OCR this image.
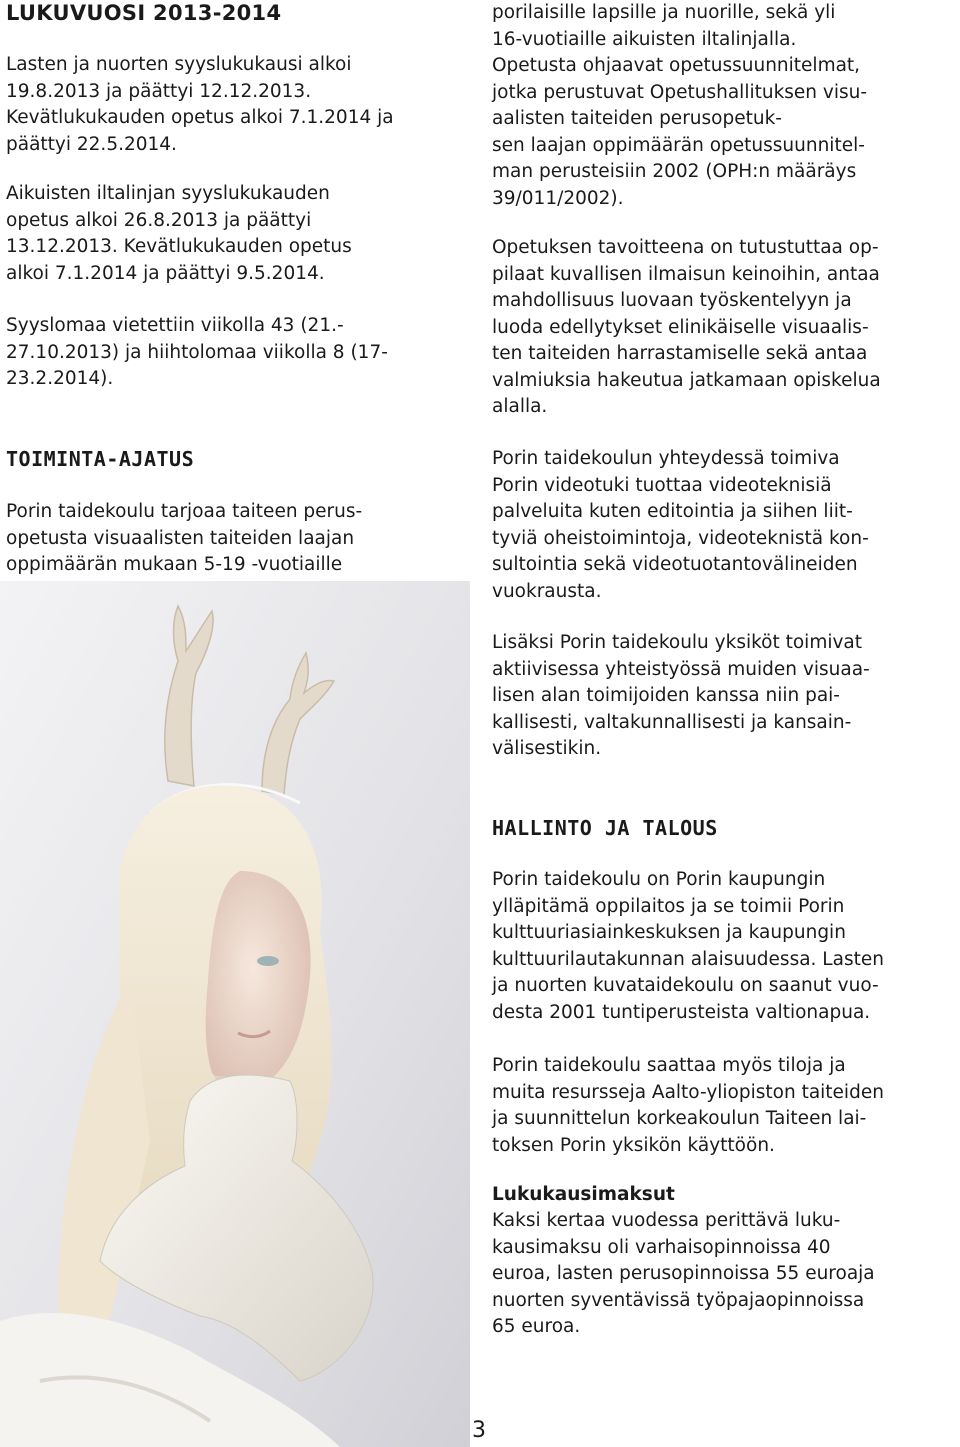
LUKUVUOSI 2013-2014

Lasten ja nuorten syyslukukausi alkoi
19.8.2013 ja päättyi 12.12.2013.
Kevätlukukauden opetus alkoi 7.1.2014 ja
päättyi 22.5.2014.

Aikuisten iltalinjan syyslukukauden
opetus alkoi 26.8.2013 ja päättyi
13.12.2013. Kevätlukukauden opetus
alkoi 7.1.2014 ja päättyi 9.5.2014.

Syyslomaa vietettiin viikolla 43 (21.-
27.10.2013) ja hiihtolomaa viikolla 8 (17-
23.2.2014).

TOIMINTA-AJATUS

Porin taidekoulu tarjoaa taiteen perus-
opetusta visuaalisten taiteiden laajan
oppimäärän mukaan 5-19 -vuotiaille

porilaisille lapsille ja nuorille, sekä yli
16-vuotiaille aikuisten iltalinjalla.
Opetusta ohjaavat opetussuunnitelmat,
jotka perustuvat Opetushallituksen visu-
aalisten taiteiden perusopetuk-
sen laajan oppimäärän opetussuunnitel-
man perusteisiin 2002 (OPH:n määräys
39/011/2002).

Opetuksen tavoitteena on tutustuttaa op-
pilaat kuvallisen ilmaisun keinoihin, antaa
mahdollisuus luovaan työskentelyyn ja
luoda edellytykset elinikäiselle visuaalis-
ten taiteiden harrastamiselle sekä antaa
valmiuksia hakeutua jatkamaan opiskelua
alalla.

Porin taidekoulun yhteydessä toimiva
Porin videotuki tuottaa videoteknisiä
palveluita kuten editointia ja siihen liit-
tyviä oheistoimintoja, videoteknistä kon-
sultointia sekä videotuotantovälineiden
vuokrausta.

Lisäksi Porin taidekoulu yksiköt toimivat
aktiivisessa yhteistyössä muiden visuaa-
lisen alan toimijoiden kanssa niin pai-
kallisesti, valtakunnallisesti ja kansain-
välisestikin.

HALLINTO JA TALOUS

Porin taidekoulu on Porin kaupungin
ylläpitämä oppilaitos ja se toimii Porin
kulttuuriasiainkeskuksen ja kaupungin
kulttuurilautakunnan alaisuudessa. Lasten
ja nuorten kuvataidekoulu on saanut vuo-
desta 2001 tuntiperusteista valtionapua.

Porin taidekoulu saattaa myös tiloja ja
muita resursseja Aalto-yliopiston taiteiden
ja suunnittelun korkeakoulun Taiteen lai-
toksen Porin yksikön käyttöön.

Lukukausimaksut

Kaksi kertaa vuodessa perittävä luku-
kausimaksu oli varhaisopinnoissa 40
euroa, lasten perusopinnoissa 55 euroaja
nuorten syventävissä työpajaopinnoissa
65 euroa.

3
